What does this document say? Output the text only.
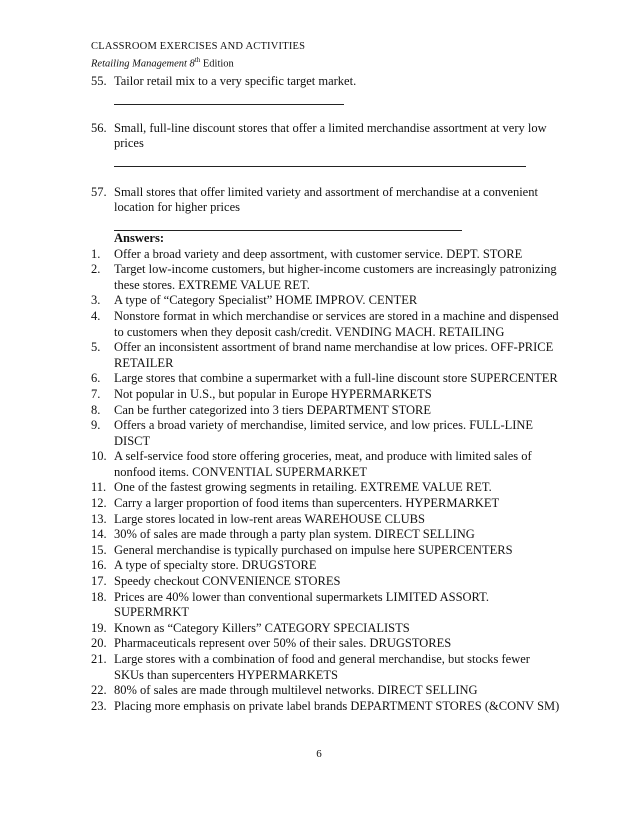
CLASSROOM EXERCISES AND ACTIVITIES
Retailing Management 8th Edition
55. Tailor retail mix to a very specific target market.
56. Small, full-line discount stores that offer a limited merchandise assortment at very low prices
57. Small stores that offer limited variety and assortment of merchandise at a convenient location for higher prices
Answers:
1.	Offer a broad variety and deep assortment, with customer service. DEPT. STORE
2.	Target low-income customers, but higher-income customers are increasingly patronizing these stores. EXTREME VALUE RET.
3.	A type of “Category Specialist” HOME IMPROV. CENTER
4.	Nonstore format in which merchandise or services are stored in a machine and dispensed to customers when they deposit cash/credit. VENDING MACH. RETAILING
5.	Offer an inconsistent assortment of brand name merchandise at low prices. OFF-PRICE RETAILER
6.	Large stores that combine a supermarket with a full-line discount store SUPERCENTER
7.	Not popular in U.S., but popular in Europe HYPERMARKETS
8.	Can be further categorized into 3 tiers DEPARTMENT STORE
9.	Offers a broad variety of merchandise, limited service, and low prices. FULL-LINE DISCT
10. A self-service food store offering groceries, meat, and produce with limited sales of nonfood items. CONVENTIAL SUPERMARKET
11. One of the fastest growing segments in retailing. EXTREME VALUE RET.
12. Carry a larger proportion of food items than supercenters. HYPERMARKET
13. Large stores located in low-rent areas WAREHOUSE CLUBS
14. 30% of sales are made through a party plan system. DIRECT SELLING
15. General merchandise is typically purchased on impulse here SUPERCENTERS
16. A type of specialty store. DRUGSTORE
17. Speedy checkout CONVENIENCE STORES
18. Prices are 40% lower than conventional supermarkets LIMITED ASSORT. SUPERMRKT
19. Known as “Category Killers” CATEGORY SPECIALISTS
20. Pharmaceuticals represent over 50% of their sales. DRUGSTORES
21. Large stores with a combination of food and general merchandise, but stocks fewer SKUs than supercenters HYPERMARKETS
22. 80% of sales are made through multilevel networks. DIRECT SELLING
23. Placing more emphasis on private label brands DEPARTMENT STORES (&CONV SM)
6
